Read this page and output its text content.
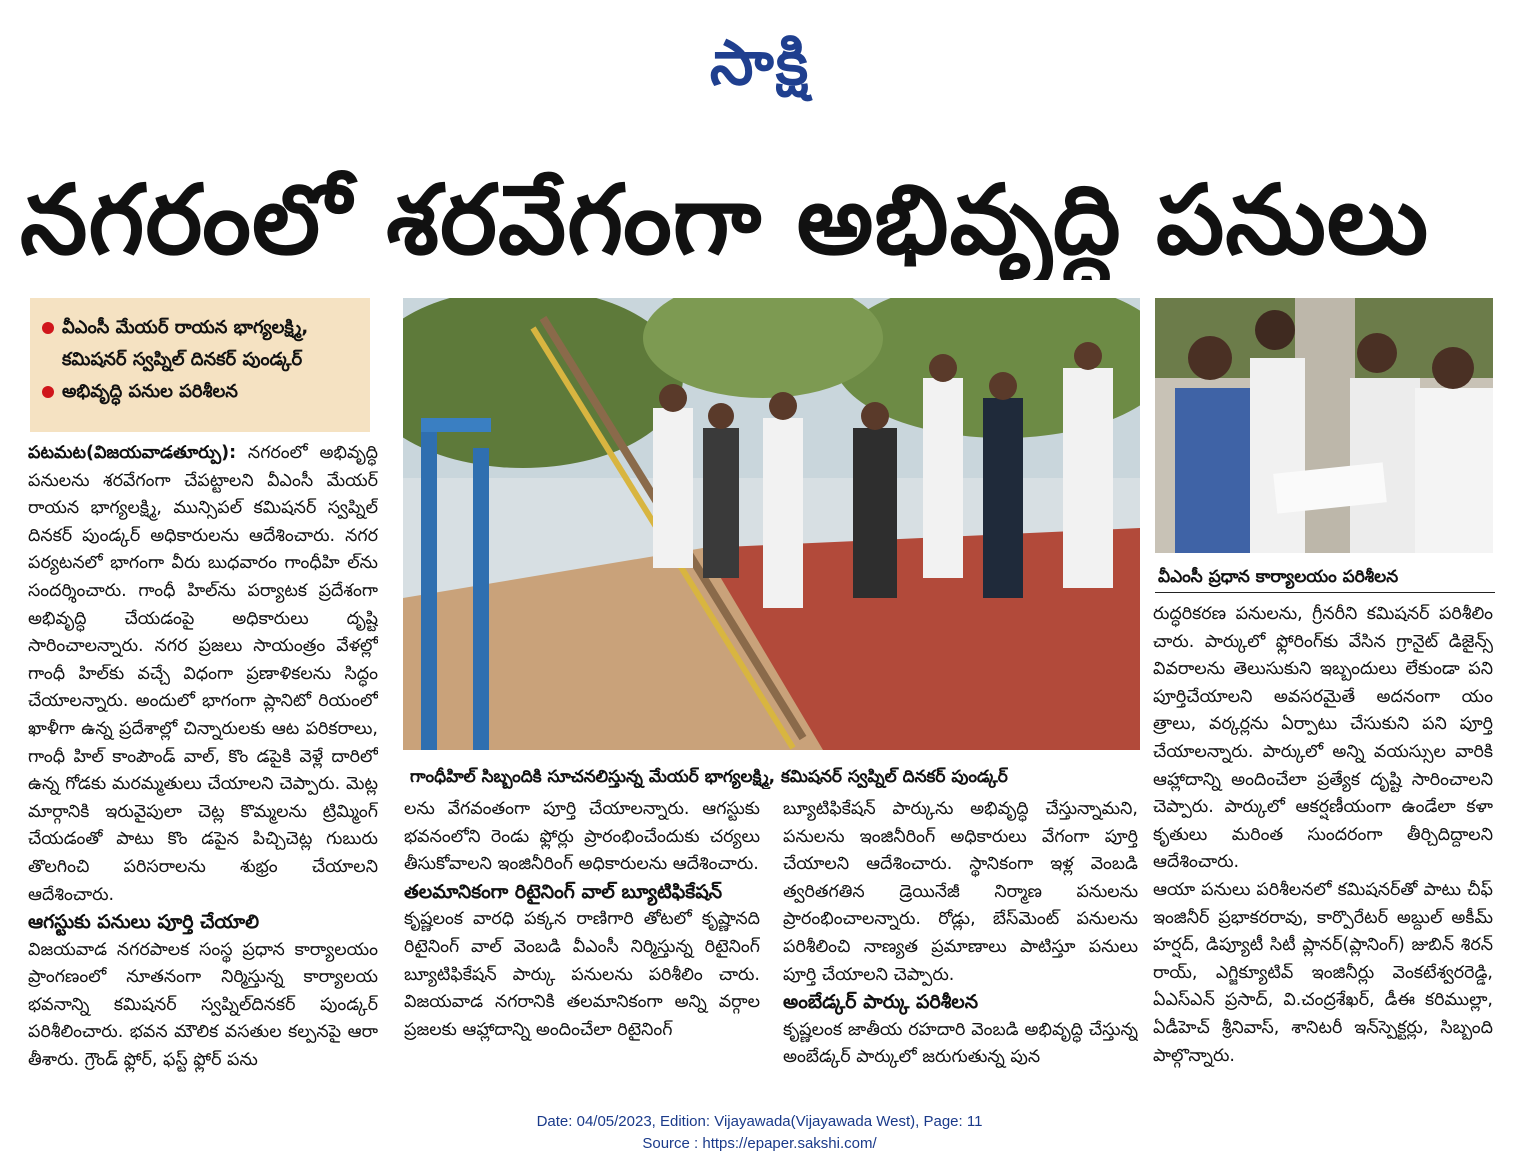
సాక్షి
నగరంలో శరవేగంగా అభివృద్ధి పనులు
వీఎంసీ మేయర్ రాయన భాగ్యలక్ష్మి,
కమిషనర్ స్వప్నిల్ దినకర్ పుండ్కర్
అభివృద్ధి పనుల పరిశీలన

పటమట(విజయవాడతూర్పు): నగరంలో అభివృద్ధి పనులను శరవేగంగా చేపట్టాలని వీఎంసీ మేయర్ రాయన భాగ్యలక్ష్మి, మున్సిపల్ కమిషనర్ స్వప్నిల్ దినకర్ పుండ్కర్ అధికారులను ఆదేశించారు. నగర పర్యటనలో భాగంగా వీరు బుధవారం గాంధీహి ల్‌ను సందర్శించారు. గాంధీ హిల్‌ను పర్యాటక ప్రదేశంగా అభివృద్ధి చేయడంపై అధికారులు దృష్టి సారించాలన్నారు. నగర ప్రజలు సాయంత్రం వేళల్లో గాంధీ హిల్‌కు వచ్చే విధంగా ప్రణాళికలను సిద్ధం చేయాలన్నారు. అందులో భాగంగా ప్లానిటో రియంలో ఖాళీగా ఉన్న ప్రదేశాల్లో చిన్నారులకు ఆట పరికరాలు, గాంధీ హిల్ కాంపౌండ్ వాల్, కొం డపైకి వెళ్లే దారిలో ఉన్న గోడకు మరమ్మతులు చేయాలని చెప్పారు. మెట్ల మార్గానికి ఇరువైపులా చెట్ల కొమ్మలను ట్రిమ్మింగ్ చేయడంతో పాటు కొం డపైన పిచ్చిచెట్ల గుబురు తొలగించి పరిసరాలను శుభ్రం చేయాలని ఆదేశించారు.

ఆగస్టుకు పనులు పూర్తి చేయాలి

విజయవాడ నగరపాలక సంస్థ ప్రధాన కార్యాలయం ప్రాంగణంలో నూతనంగా నిర్మిస్తున్న కార్యాలయ భవనాన్ని కమిషనర్ స్వప్నిల్‌దినకర్ పుండ్కర్ పరిశీలించారు. భవన మౌలిక వసతుల కల్పనపై ఆరా తీశారు. గ్రౌండ్ ఫ్లోర్, ఫస్ట్ ఫ్లోర్ పను

గాంధీహిల్ సిబ్బందికి సూచనలిస్తున్న మేయర్ భాగ్యలక్ష్మి, కమిషనర్ స్వప్నిల్ దినకర్ పుండ్కర్
వీఎంసీ ప్రధాన కార్యాలయం పరిశీలన

లను వేగవంతంగా పూర్తి చేయాలన్నారు. ఆగస్టుకు భవనంలోని రెండు ఫ్లోర్లు ప్రారంభించేందుకు చర్యలు తీసుకోవాలని ఇంజినీరింగ్ అధికారులను ఆదేశించారు.

తలమానికంగా రిటైనింగ్ వాల్ బ్యూటిఫికేషన్

కృష్ణలంక వారధి పక్కన రాణిగారి తోటలో కృష్ణానది రిటైనింగ్ వాల్ వెంబడి వీఎంసీ నిర్మిస్తున్న రిటైనింగ్ బ్యూటిఫికేషన్ పార్కు పనులను పరిశీలిం చారు. విజయవాడ నగరానికి తలమానికంగా అన్ని వర్గాల ప్రజలకు ఆహ్లాదాన్ని అందించేలా రిటైనింగ్

బ్యూటిఫికేషన్ పార్కును అభివృద్ధి చేస్తున్నామని, పనులను ఇంజినీరింగ్ అధికారులు వేగంగా పూర్తి చేయాలని ఆదేశించారు. స్థానికంగా ఇళ్ల వెంబడి త్వరితగతిన డ్రెయినేజీ నిర్మాణ పనులను ప్రారంభించాలన్నారు. రోడ్లు, బేస్‌మెంట్ పనులను పరిశీలించి నాణ్యత ప్రమాణాలు పాటిస్తూ పనులు పూర్తి చేయాలని చెప్పారు.

అంబేడ్కర్ పార్కు పరిశీలన

కృష్ణలంక జాతీయ రహదారి వెంబడి అభివృద్ధి చేస్తున్న అంబేడ్కర్ పార్కులో జరుగుతున్న పున

రుద్ధరికరణ పనులను, గ్రీనరీని కమిషనర్ పరిశీలిం చారు. పార్కులో ఫ్లోరింగ్‌కు వేసిన గ్రానైట్ డిజైన్స్ వివరాలను తెలుసుకుని ఇబ్బందులు లేకుండా పని పూర్తిచేయాలని అవసరమైతే అదనంగా యం త్రాలు, వర్కర్లను ఏర్పాటు చేసుకుని పని పూర్తి చేయాలన్నారు. పార్కులో అన్ని వయస్సుల వారికి ఆహ్లాదాన్ని అందించేలా ప్రత్యేక దృష్టి సారించాలని చెప్పారు. పార్కులో ఆకర్షణీయంగా ఉండేలా కళా కృతులు మరింత సుందరంగా తీర్చిదిద్దాలని ఆదేశించారు.

ఆయా పనులు పరిశీలనలో కమిషనర్‌తో పాటు చీఫ్ ఇంజినీర్ ప్రభాకరరావు, కార్పొరేటర్ అబ్దుల్ అకీమ్ హర్షద్, డిప్యూటీ సిటీ ప్లానర్(ప్లానింగ్) జుబిన్ శిరన్ రాయ్, ఎగ్జిక్యూటివ్ ఇంజినీర్లు వెంకటేశ్వరరెడ్డి, ఏఎస్ఎన్ ప్రసాద్, వి.చంద్రశేఖర్, డీఈ కరిముల్లా, ఏడీహెచ్ శ్రీనివాస్, శానిటరీ ఇన్‌స్పెక్టర్లు, సిబ్బంది పాల్గొన్నారు.

Date: 04/05/2023, Edition: Vijayawada(Vijayawada West), Page: 11
Source : https://epaper.sakshi.com/
